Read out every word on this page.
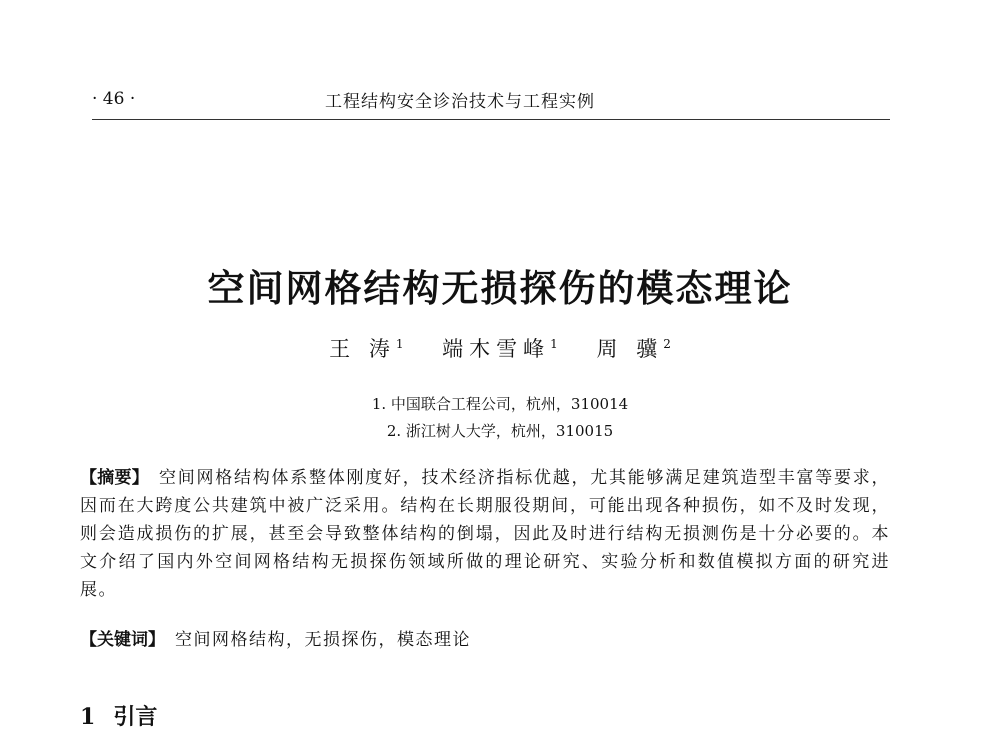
· 46 ·	工程结构安全诊治技术与工程实例
空间网格结构无损探伤的模态理论
王 涛$^1$ 端木雪峰$^1$ 周 骥$^2$
1. 中国联合工程公司，杭州，310014
2. 浙江树人大学，杭州，310015
【摘要】 空间网格结构体系整体刚度好，技术经济指标优越，尤其能够满足建筑造型丰富等要求，因而在大跨度公共建筑中被广泛采用。结构在长期服役期间，可能出现各种损伤，如不及时发现，则会造成损伤的扩展，甚至会导致整体结构的倒塌，因此及时进行结构无损测伤是十分必要的。本文介绍了国内外空间网格结构无损探伤领域所做的理论研究、实验分析和数值模拟方面的研究进展。
【关键词】 空间网格结构，无损探伤，模态理论
1 引言
